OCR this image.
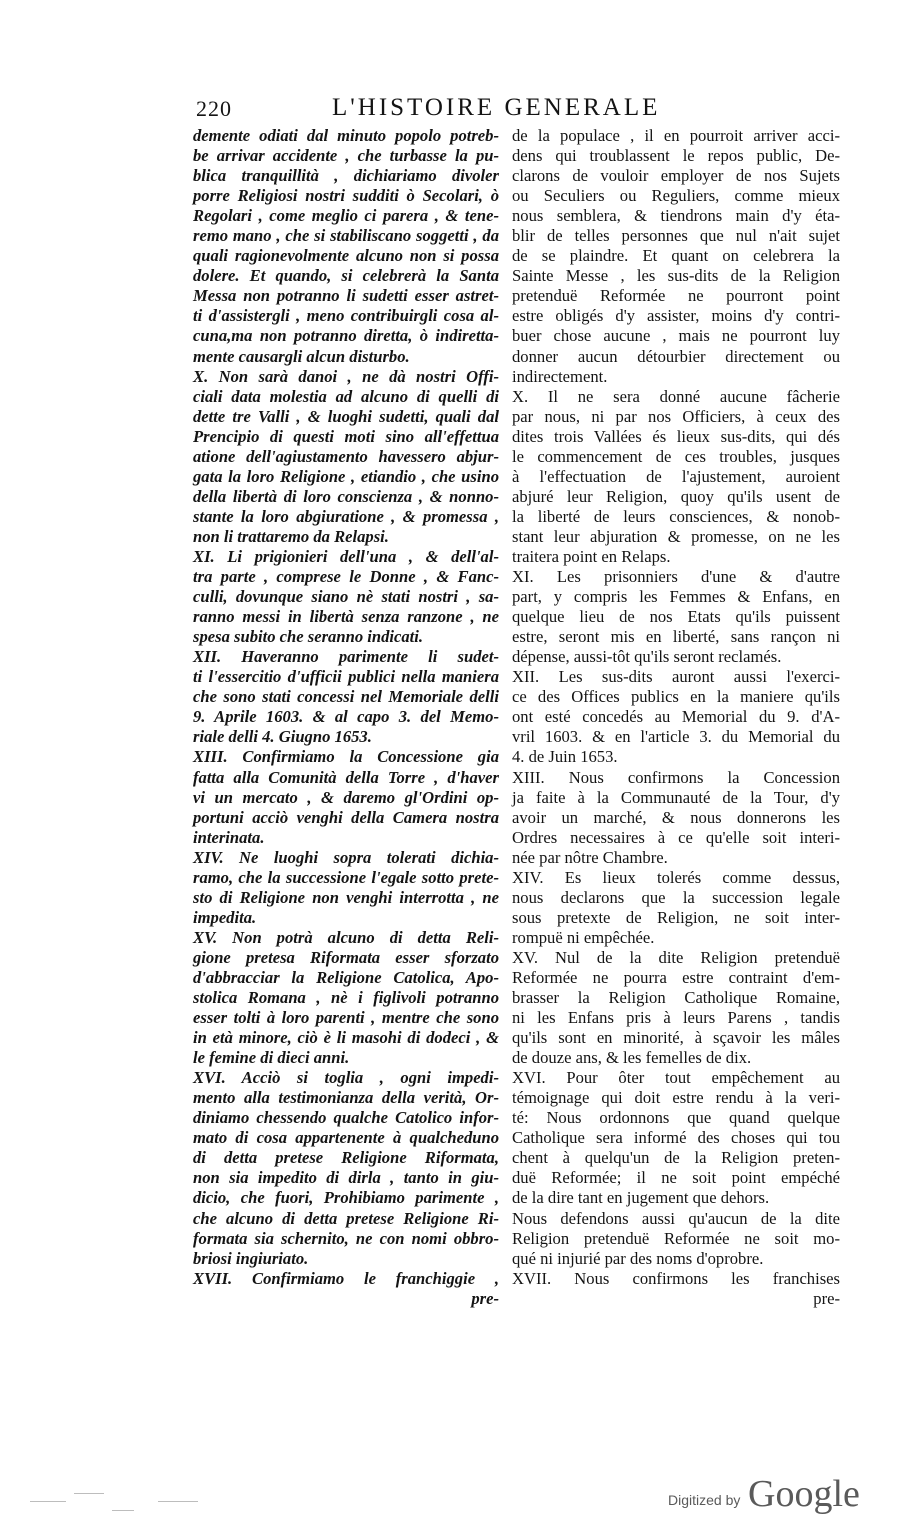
220	L'HISTOIRE GENERALE
demente odiati dal minuto popolo potreb-
be arrivar accidente , che turbasse la pu-
blica tranquillità , dichiariamo divoler
porre Religiosi nostri sudditi ò Secolari, ò
Regolari , come meglio ci parera , & tene-
remo mano , che si stabiliscano soggetti , da
quali ragionevolmente alcuno non si possa
dolere. Et quando, si celebrerà la Santa
Messa non potranno li sudetti esser astret-
ti d'assistergli , meno contribuirgli cosa al-
cuna,ma non potranno diretta, ò indiretta-
mente causargli alcun disturbo.
X. Non sarà danoi , ne dà nostri Offi-
ciali data molestia ad alcuno di quelli di
dette tre Valli , & luoghi sudetti, quali dal
Prencipio di questi moti sino all'effettua
atione dell'agiustamento havessero abjur-
gata la loro Religione , etiandio , che usino
della libertà di loro conscienza , & nonno-
stante la loro abgiuratione , & promessa ,
non li trattaremo da Relapsi.
XI. Li prigionieri dell'una , & dell'al-
tra parte , comprese le Donne , & Fanc-
culli, dovunque siano nè stati nostri , sa-
ranno messi in libertà senza ranzone , ne
spesa subito che seranno indicati.
XII. Haveranno parimente li sudet-
ti l'essercitio d'ufficii publici nella maniera
che sono stati concessi nel Memoriale delli
9. Aprile 1603. & al capo 3. del Memo-
riale delli 4. Giugno 1653.
XIII. Confirmiamo la Concessione gia
fatta alla Comunità della Torre , d'haver
vi un mercato , & daremo gl'Ordini op-
portuni acciò venghi della Camera nostra
interinata.
XIV. Ne luoghi sopra tolerati dichia-
ramo, che la successione l'egale sotto prete-
sto di Religione non venghi interrotta , ne
impedita.
XV. Non potrà alcuno di detta Reli-
gione pretesa Riformata esser sforzato
d'abbracciar la Religione Catolica, Apo-
stolica Romana , nè i figlivoli potranno
esser tolti à loro parenti , mentre che sono
in età minore, ciò è li masohi di dodeci , &
le femine di dieci anni.
XVI. Acciò si toglia , ogni impedi-
mento alla testimonianza della verità, Or-
diniamo chessendo qualche Catolico infor-
mato di cosa appartenente à qualcheduno
di detta pretese Religione Riformata,
non sia impedito di dirla , tanto in giu-
dicio, che fuori, Prohibiamo parimente ,
che alcuno di detta pretese Religione Ri-
formata sia schernito, ne con nomi obbro-
briosi ingiuriato.
XVII. Confirmiamo le franchiggie ,
pre-
de la populace , il en pourroit arriver acci-
dens qui troublassent le repos public, De-
clarons de vouloir employer de nos Sujets
ou Seculiers ou Reguliers, comme mieux
nous semblera, & tiendrons main d'y éta-
blir de telles personnes que nul n'ait sujet
de se plaindre. Et quant on celebrera la
Sainte Messe , les sus-dits de la Religion
pretenduë Reformée ne pourront point
estre obligés d'y assister, moins d'y contri-
buer chose aucune , mais ne pourront luy
donner aucun détourbier directement ou
indirectement.
X. Il ne sera donné aucune fâcherie
par nous, ni par nos Officiers, à ceux des
dites trois Vallées és lieux sus-dits, qui dés
le commencement de ces troubles, jusques
à l'effectuation de l'ajustement, auroient
abjuré leur Religion, quoy qu'ils usent de
la liberté de leurs consciences, & nonob-
stant leur abjuration & promesse, on ne les
traitera point en Relaps.
XI. Les prisonniers d'une & d'autre
part, y compris les Femmes & Enfans, en
quelque lieu de nos Etats qu'ils puissent
estre, seront mis en liberté, sans rançon ni
dépense, aussi-tôt qu'ils seront reclamés.
XII. Les sus-dits auront aussi l'exerci-
ce des Offices publics en la maniere qu'ils
ont esté concedés au Memorial du 9. d'A-
vril 1603. & en l'article 3. du Memorial du
4. de Juin 1653.
XIII. Nous confirmons la Concession
ja faite à la Communauté de la Tour, d'y
avoir un marché, & nous donnerons les
Ordres necessaires à ce qu'elle soit interi-
née par nôtre Chambre.
XIV. Es lieux tolerés comme dessus,
nous declarons que la succession legale
sous pretexte de Religion, ne soit inter-
rompuë ni empêchée.
XV. Nul de la dite Religion pretenduë
Reformée ne pourra estre contraint d'em-
brasser la Religion Catholique Romaine,
ni les Enfans pris à leurs Parens , tandis
qu'ils sont en minorité, à sçavoir les mâles
de douze ans, & les femelles de dix.
XVI. Pour ôter tout empêchement au
témoignage qui doit estre rendu à la veri-
té: Nous ordonnons que quand quelque
Catholique sera informé des choses qui tou
chent à quelqu'un de la Religion preten-
duë Reformée; il ne soit point empéché
de la dire tant en jugement que dehors.
Nous defendons aussi qu'aucun de la dite
Religion pretenduë Reformée ne soit mo-
qué ni injurié par des noms d'oprobre.
XVII. Nous confirmons les franchises
pre-
Digitized by Google
